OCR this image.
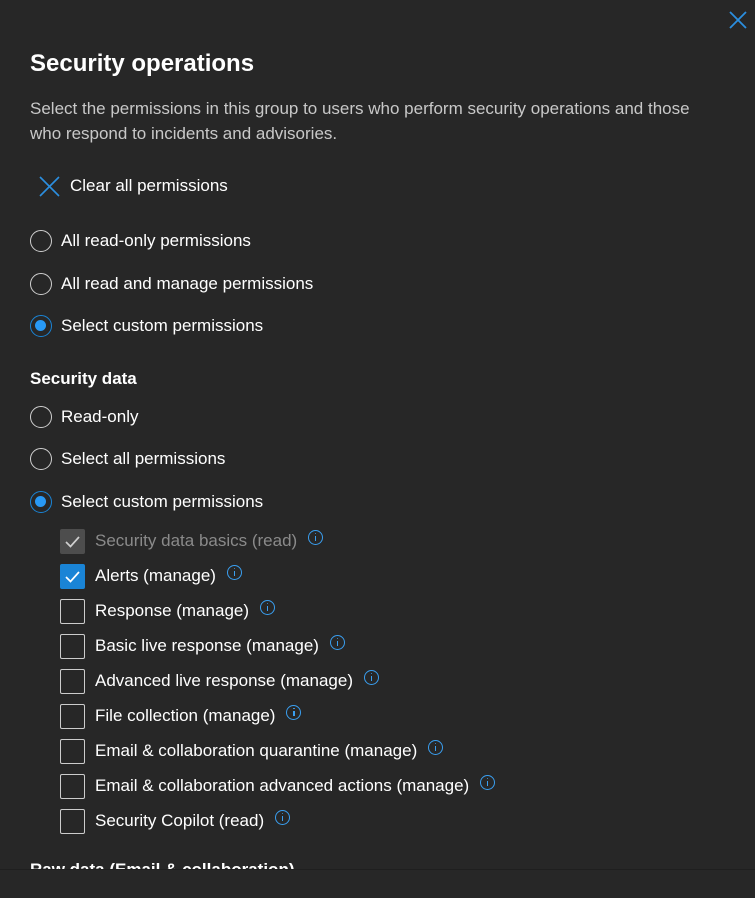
Security operations
Select the permissions in this group to users who perform security operations and those who respond to incidents and advisories.
Clear all permissions
All read-only permissions
All read and manage permissions
Select custom permissions
Security data
Read-only
Select all permissions
Select custom permissions
Security data basics (read)
Alerts (manage)
Response (manage)
Basic live response (manage)
Advanced live response (manage)
File collection (manage)
Email & collaboration quarantine (manage)
Email & collaboration advanced actions (manage)
Security Copilot (read)
